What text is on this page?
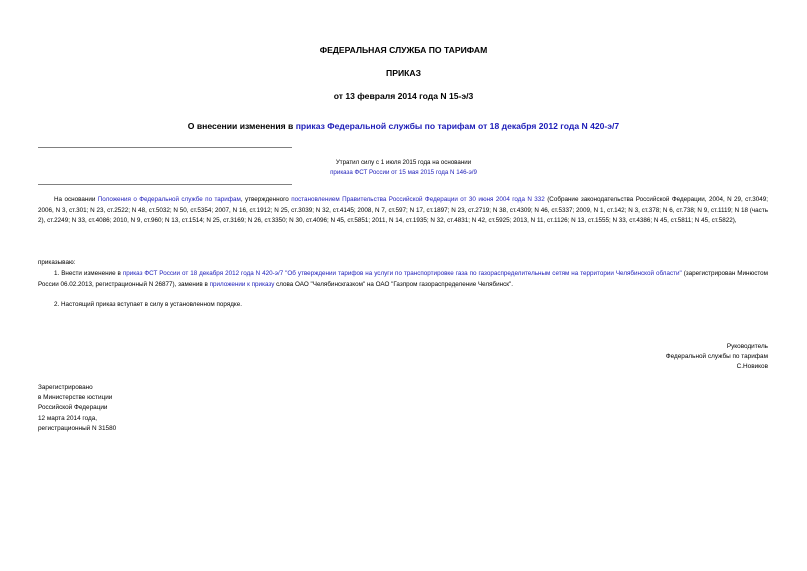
ФЕДЕРАЛЬНАЯ СЛУЖБА ПО ТАРИФАМ
ПРИКАЗ
от 13 февраля 2014 года N 15-э/3
О внесении изменения в приказ Федеральной службы по тарифам от 18 декабря 2012 года N 420-э/7
Утратил силу с 1 июля 2015 года на основании
приказа ФСТ России от 15 мая 2015 года N 146-э/9
На основании Положения о Федеральной службе по тарифам, утвержденного постановлением Правительства Российской Федерации от 30 июня 2004 года N 332 (Собрание законодательства Российской Федерации, 2004, N 29, ст.3049; 2006, N 3, ст.301; N 23, ст.2522; N 48, ст.5032; N 50, ст.5354; 2007, N 16, ст.1912; N 25, ст.3039; N 32, ст.4145; 2008, N 7, ст.597; N 17, ст.1897; N 23, ст.2719; N 38, ст.4309; N 46, ст.5337; 2009, N 1, ст.142; N 3, ст.378; N 6, ст.738; N 9, ст.1119; N 18 (часть 2), ст.2249; N 33, ст.4086; 2010, N 9, ст.960; N 13, ст.1514; N 25, ст.3169; N 26, ст.3350; N 30, ст.4096; N 45, ст.5851; 2011, N 14, ст.1935; N 32, ст.4831; N 42, ст.5925; 2013, N 11, ст.1126; N 13, ст.1555; N 33, ст.4386; N 45, ст.5811; N 45, ст.5822),
приказываю:
1. Внести изменение в приказ ФСТ России от 18 декабря 2012 года N 420-э/7 "Об утверждении тарифов на услуги по транспортировке газа по газораспределительным сетям на территории Челябинской области" (зарегистрирован Минюстом России 06.02.2013, регистрационный N 26877), заменив в приложении к приказу слова ОАО "Челябинскгазком" на ОАО "Газпром газораспределение Челябинск".
2. Настоящий приказ вступает в силу в установленном порядке.
Руководитель
Федеральной службы по тарифам
С.Новиков
Зарегистрировано
в Министерстве юстиции
Российской Федерации
12 марта 2014 года,
регистрационный N 31580
